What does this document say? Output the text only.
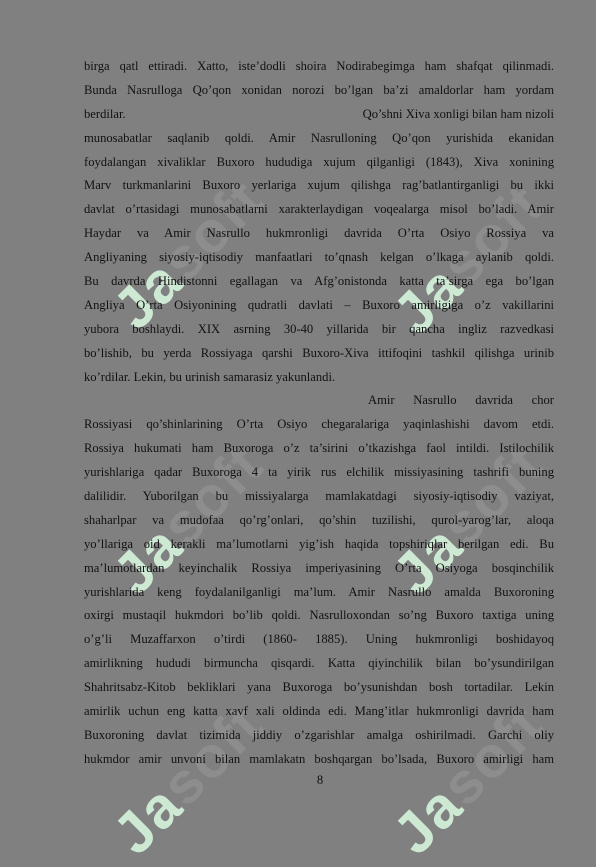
Jasoft
Jasoft
Jasoft
Jasoft
Jasoft
Jasoft
birga qatl ettiradi. Xatto, iste’dodli shoira Nodirabegimga ham shafqat qilinmadi.
Bunda Nasrulloga Qo’qon xonidan norozi bo’lgan ba’zi amaldorlar ham yordam
berdilar.	Qo’shni Xiva xonligi bilan ham nizoli
munosabatlar saqlanib qoldi. Amir Nasrulloning Qo’qon yurishida ekanidan
foydalangan xivaliklar Buxoro hududiga xujum qilganligi (1843), Xiva xonining
Marv turkmanlarini Buxoro yerlariga xujum qilishga rag’batlantirganligi bu ikki
davlat o’rtasidagi munosabatlarni xarakterlaydigan voqealarga misol bo’ladi. Amir
Haydar va Amir Nasrullo hukmronligi davrida O’rta Osiyo Rossiya va
Angliyaning siyosiy-iqtisodiy manfaatlari to’qnash kelgan o’lkaga aylanib qoldi.
Bu davrda Hindistonni egallagan va Afg’onistonda katta ta’sirga ega bo’lgan
Angliya O’rta Osiyonining qudratli davlati – Buxoro amirligiga o’z vakillarini
yubora boshlaydi. XIX asrning 30-40 yillarida bir qancha ingliz razvedkasi
bo’lishib, bu yerda Rossiyaga qarshi Buxoro-Xiva ittifoqini tashkil qilishga urinib
ko’rdilar. Lekin, bu urinish samarasiz yakunlandi.
Amir Nasrullo davrida chor
Rossiyasi qo’shinlarining O’rta Osiyo chegaralariga yaqinlashishi davom etdi.
Rossiya hukumati ham Buxoroga o’z ta’sirini o’tkazishga faol intildi. Istilochilik
yurishlariga qadar Buxoroga 4 ta yirik rus elchilik missiyasining tashrifi buning
dalilidir. Yuborilgan bu missiyalarga mamlakatdagi siyosiy-iqtisodiy vaziyat,
shaharlpar va mudofaa qo’rg’onlari, qo’shin tuzilishi, qurol-yarog’lar, aloqa
yo’llariga oid kerakli ma’lumotlarni yig’ish haqida topshiriqlar berilgan edi. Bu
ma’lumotlardan keyinchalik Rossiya imperiyasining O’rta Osiyoga bosqinchilik
yurishlarida keng foydalanilganligi ma’lum. Amir Nasrullo amalda Buxoroning
oxirgi mustaqil hukmdori bo’lib qoldi. Nasrulloxondan so’ng Buxoro taxtiga uning
o’g’li Muzaffarxon o’tirdi (1860- 1885). Uning hukmronligi boshidayoq
amirlikning hududi birmuncha qisqardi. Katta qiyinchilik bilan bo’ysundirilgan
Shahritsabz-Kitob bekliklari yana Buxoroga bo’ysunishdan bosh tortadilar. Lekin
amirlik uchun eng katta xavf xali oldinda edi. Mang’itlar hukmronligi davrida ham
Buxoroning davlat tizimida jiddiy o’zgarishlar amalga oshirilmadi. Garchi oliy
hukmdor amir unvoni bilan mamlakatn boshqargan bo’lsada, Buxoro amirligi ham
8
